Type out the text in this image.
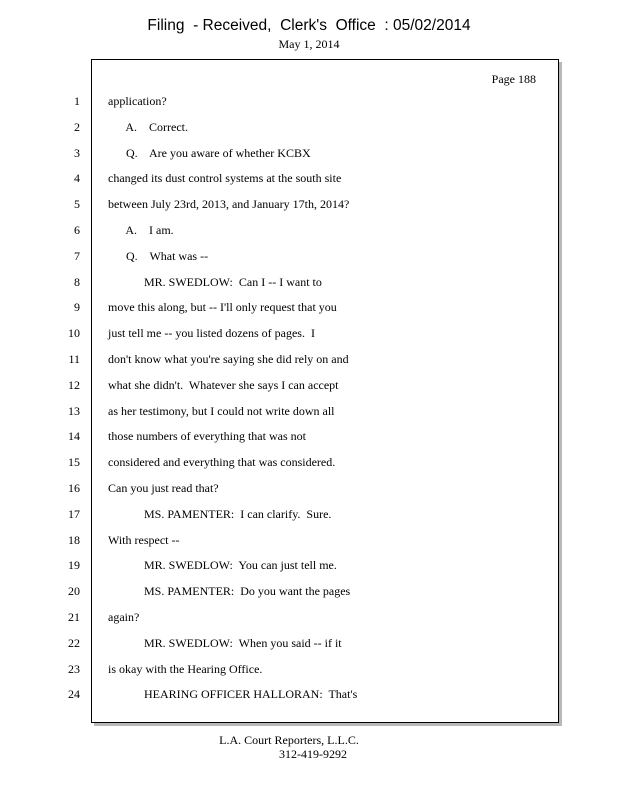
Filing  - Received,  Clerk's  Office  : 05/02/2014
May 1, 2014
Page 188
1 application?
2 A.    Correct.
3 Q.    Are you aware of whether KCBX
4 changed its dust control systems at the south site
5 between July 23rd, 2013, and January 17th, 2014?
6 A.    I am.
7 Q.    What was --
8 MR. SWEDLOW:  Can I -- I want to
9 move this along, but -- I'll only request that you
10 just tell me -- you listed dozens of pages.  I
11 don't know what you're saying she did rely on and
12 what she didn't.  Whatever she says I can accept
13 as her testimony, but I could not write down all
14 those numbers of everything that was not
15 considered and everything that was considered.
16 Can you just read that?
17 MS. PAMENTER:  I can clarify.  Sure.
18 With respect --
19 MR. SWEDLOW:  You can just tell me.
20 MS. PAMENTER:  Do you want the pages
21 again?
22 MR. SWEDLOW:  When you said -- if it
23 is okay with the Hearing Office.
24 HEARING OFFICER HALLORAN:  That's
L.A. Court Reporters, L.L.C.
312-419-9292
